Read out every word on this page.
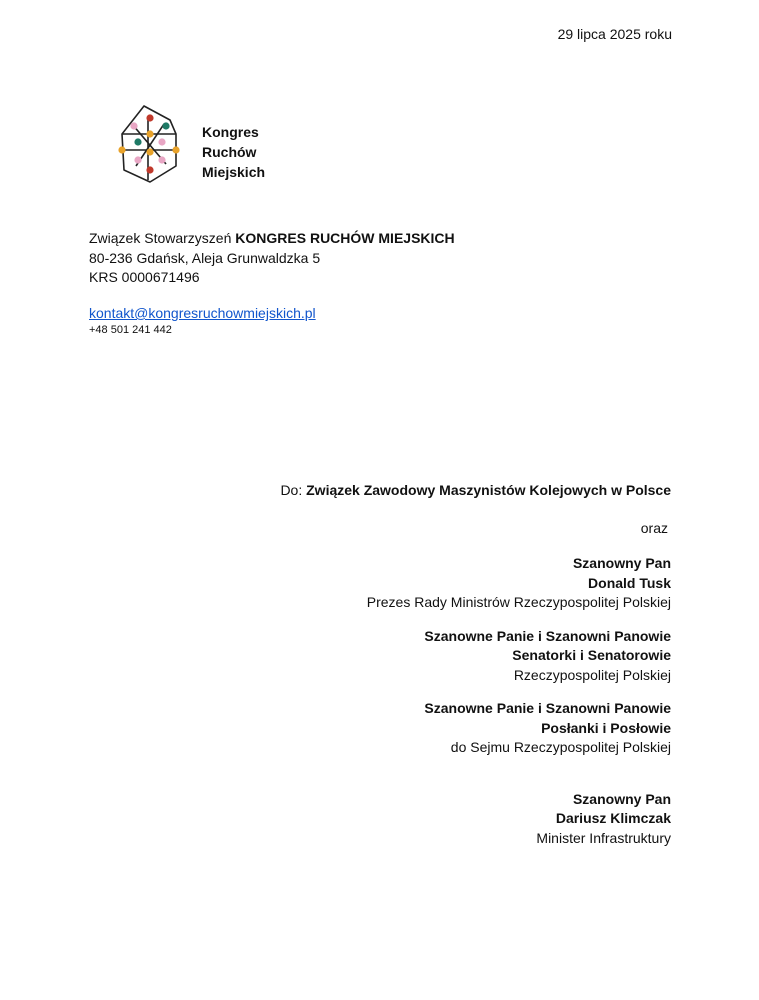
29 lipca 2025 roku
Kongres
Ruchów
Miejskich
Związek Stowarzyszeń KONGRES RUCHÓW MIEJSKICH
80-236 Gdańsk, Aleja Grunwaldzka 5
KRS 0000671496
kontakt@kongresruchowmiejskich.pl
+48 501 241 442
Do: Związek Zawodowy Maszynistów Kolejowych w Polsce
oraz
Szanowny Pan
Donald Tusk
Prezes Rady Ministrów Rzeczypospolitej Polskiej
Szanowne Panie i Szanowni Panowie
Senatorki i Senatorowie
Rzeczypospolitej Polskiej
Szanowne Panie i Szanowni Panowie
Posłanki i Posłowie
do Sejmu Rzeczypospolitej Polskiej
Szanowny Pan
Dariusz Klimczak
Minister Infrastruktury
